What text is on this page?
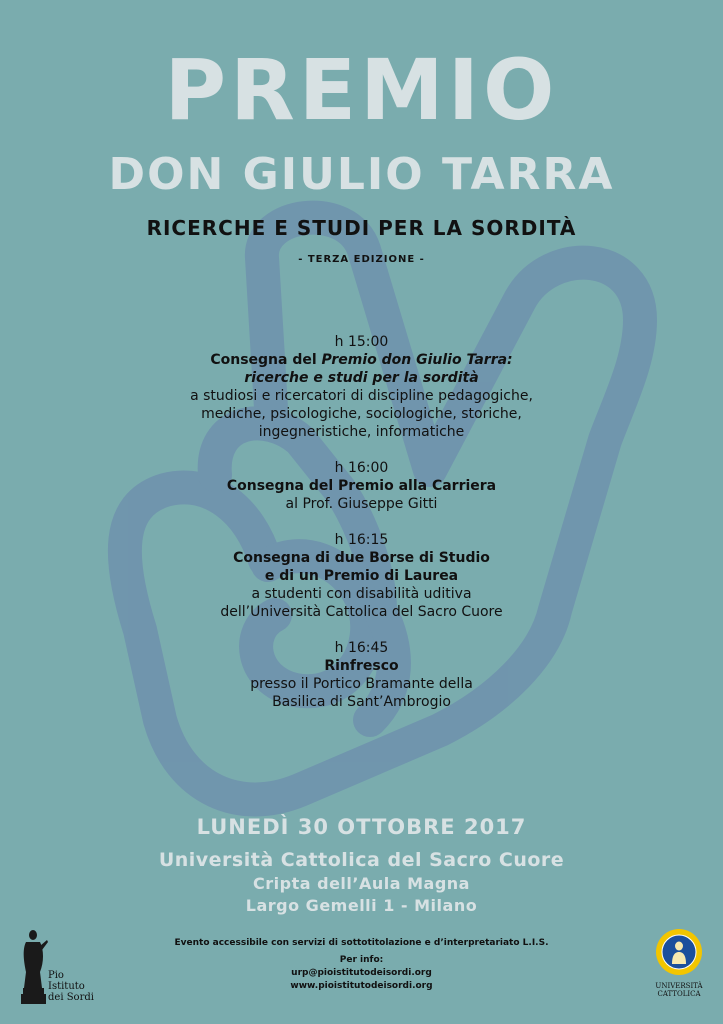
PREMIO
DON GIULIO TARRA
RICERCHE E STUDI PER LA SORDITÀ
- TERZA EDIZIONE -
h 15:00
Consegna del Premio don Giulio Tarra:
ricerche e studi per la sordità
a studiosi e ricercatori di discipline pedagogiche,
mediche, psicologiche, sociologiche, storiche,
ingegneristiche, informatiche
h 16:00
Consegna del Premio alla Carriera
al Prof. Giuseppe Gitti
h 16:15
Consegna di due Borse di Studio
e di un Premio di Laurea
a studenti con disabilità uditiva
dell’Università Cattolica del Sacro Cuore
h 16:45
Rinfresco
presso il Portico Bramante della
Basilica di Sant’Ambrogio
LUNEDÌ 30 OTTOBRE 2017
Università Cattolica del Sacro Cuore
Cripta dell’Aula Magna
Largo Gemelli 1 - Milano
Evento accessibile con servizi di sottotitolazione e d’interpretariato L.I.S.
Per info:
urp@pioistitutodeisordi.org
www.pioistitutodeisordi.org
Pio
Istituto
dei Sordi
UNIVERSITÀ
CATTOLICA
